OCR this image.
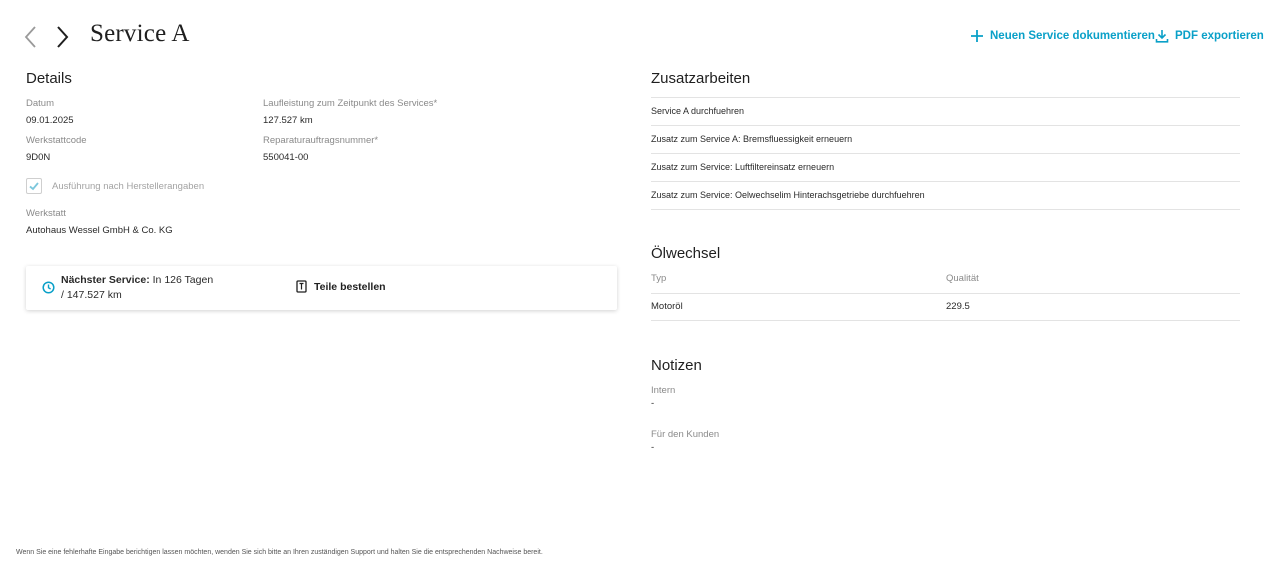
Service A	Neuen Service dokumentieren PDF exportieren
Details
Datum
09.01.2025
Laufleistung zum Zeitpunkt des Services*
127.527 km
Werkstattcode
9D0N
Reparaturauftragsnummer*
550041-00
Ausführung nach Herstellerangaben
Werkstatt
Autohaus Wessel GmbH & Co. KG
Nächster Service: In 126 Tagen
/ 147.527 km
Teile bestellen
Zusatzarbeiten
Service A durchfuehren
Zusatz zum Service A: Bremsfluessigkeit erneuern
Zusatz zum Service: Luftfiltereinsatz erneuern
Zusatz zum Service: Oelwechselim Hinterachsgetriebe durchfuehren
Ölwechsel
Typ	Qualität
Motoröl	229.5
Notizen
Intern
-
Für den Kunden
-
Wenn Sie eine fehlerhafte Eingabe berichtigen lassen möchten, wenden Sie sich bitte an Ihren zuständigen Support und halten Sie die entsprechenden Nachweise bereit.
